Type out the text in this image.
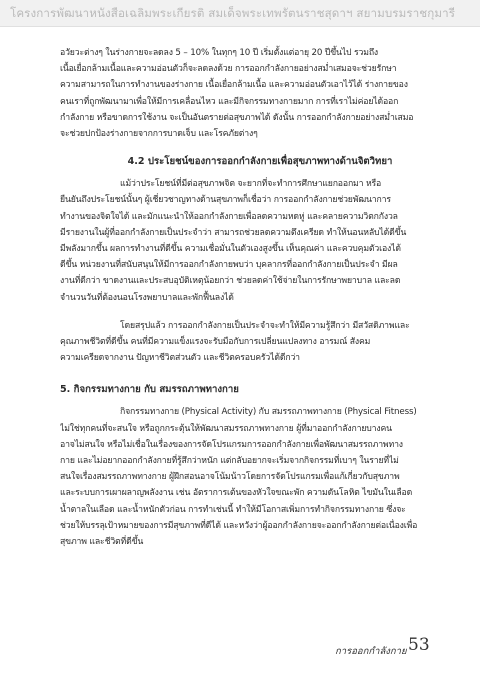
โครงการพัฒนาหนังสือเฉลิมพระเกียรติ สมเด็จพระเทพรัตนราชสุดาฯ สยามบรมราชกุมารี

อวัยวะต่างๆ ในร่างกายจะลดลง 5 – 10% ในทุกๆ 10 ปี เริ่มตั้งแต่อายุ 20 ปีขึ้นไป รวมถึง
เนื้อเยื่อกล้ามเนื้อและความอ่อนตัวก็จะลดลงด้วย การออกกำลังกายอย่างสม่ำเสมอจะช่วยรักษา
ความสามารถในการทำงานของร่างกาย เนื้อเยื่อกล้ามเนื้อ และความอ่อนตัวเอาไว้ได้ ร่างกายของ
คนเราที่ถูกพัฒนามาเพื่อให้มีการเคลื่อนไหว และมีกิจกรรมทางกายมาก การที่เราไม่ค่อยได้ออก
กำลังกาย หรือขาดการใช้งาน จะเป็นอันตรายต่อสุขภาพได้ ดังนั้น การออกกำลังกายอย่างสม่ำเสมอ
จะช่วยปกป้องร่างกายจากการบาดเจ็บ และโรคภัยต่างๆ

4.2 ประโยชน์ของการออกกำลังกายเพื่อสุขภาพทางด้านจิตวิทยา

แม้ว่าประโยชน์ที่มีต่อสุขภาพจิต จะยากที่จะทำการศึกษาแยกออกมา หรือ
ยืนยันถึงประโยชน์นั้นๆ ผู้เชี่ยวชาญทางด้านสุขภาพก็เชื่อว่า การออกกำลังกายช่วยพัฒนาการ
ทำงานของจิตใจได้ และมักแนะนำให้ออกกำลังกายเพื่อลดความหดหู่ และคลายความวิตกกังวล
มีรายงานในผู้ที่ออกกำลังกายเป็นประจำว่า สามารถช่วยลดความตึงเครียด ทำให้นอนหลับได้ดีขึ้น
มีพลังมากขึ้น ผลการทำงานที่ดีขึ้น ความเชื่อมั่นในตัวเองสูงขึ้น เห็นคุณค่า และควบคุมตัวเองได้
ดีขึ้น หน่วยงานที่สนับสนุนให้มีการออกกำลังกายพบว่า บุคลากรที่ออกกำลังกายเป็นประจำ มีผล
งานที่ดีกว่า ขาดงานและประสบอุบัติเหตุน้อยกว่า ช่วยลดค่าใช้จ่ายในการรักษาพยาบาล และลด
จำนวนวันที่ต้องนอนโรงพยาบาลและพักฟื้นลงได้

โดยสรุปแล้ว การออกกำลังกายเป็นประจำจะทำให้มีความรู้สึกว่า มีสวัสดิภาพและ
คุณภาพชีวิตที่ดีขึ้น คนที่มีความแข็งแรงจะรับมือกับการเปลี่ยนแปลงทาง อารมณ์ สังคม
ความเครียดจากงาน ปัญหาชีวิตส่วนตัว และชีวิตครอบครัวได้ดีกว่า

5. กิจกรรมทางกาย กับ สมรรถภาพทางกาย

กิจกรรมทางกาย (Physical Activity) กับ สมรรถภาพทางกาย (Physical Fitness)
ไม่ใช่ทุกคนที่จะสนใจ หรือถูกกระตุ้นให้พัฒนาสมรรถภาพทางกาย ผู้ที่มาออกกำลังกายบางคน
อาจไม่สนใจ หรือไม่เชื่อในเรื่องของการจัดโปรแกรมการออกกำลังกายเพื่อพัฒนาสมรรถภาพทาง
กาย และไม่อยากออกกำลังกายที่รู้สึกว่าหนัก แต่กลับอยากจะเริ่มจากกิจกรรมที่เบาๆ ในรายที่ไม่
สนใจเรื่องสมรรถภาพทางกาย ผู้ฝึกสอนอาจโน้มน้าวโดยการจัดโปรแกรมเพื่อแก้เกี่ยวกับสุขภาพ
และระบบการเผาผลาญพลังงาน เช่น อัตราการเต้นของหัวใจขณะพัก ความดันโลหิต ไขมันในเลือด
น้ำตาลในเลือด และน้ำหนักตัวก่อน การทำเช่นนี้ ทำให้มีโอกาสเพิ่มการทำกิจกรรมทางกาย ซึ่งจะ
ช่วยให้บรรลุเป้าหมายของการมีสุขภาพที่ดีได้ และหวังว่าผู้ออกกำลังกายจะออกกำลังกายต่อเนื่องเพื่อ
สุขภาพ และชีวิตที่ดีขึ้น

การออกกำลังกาย 53
